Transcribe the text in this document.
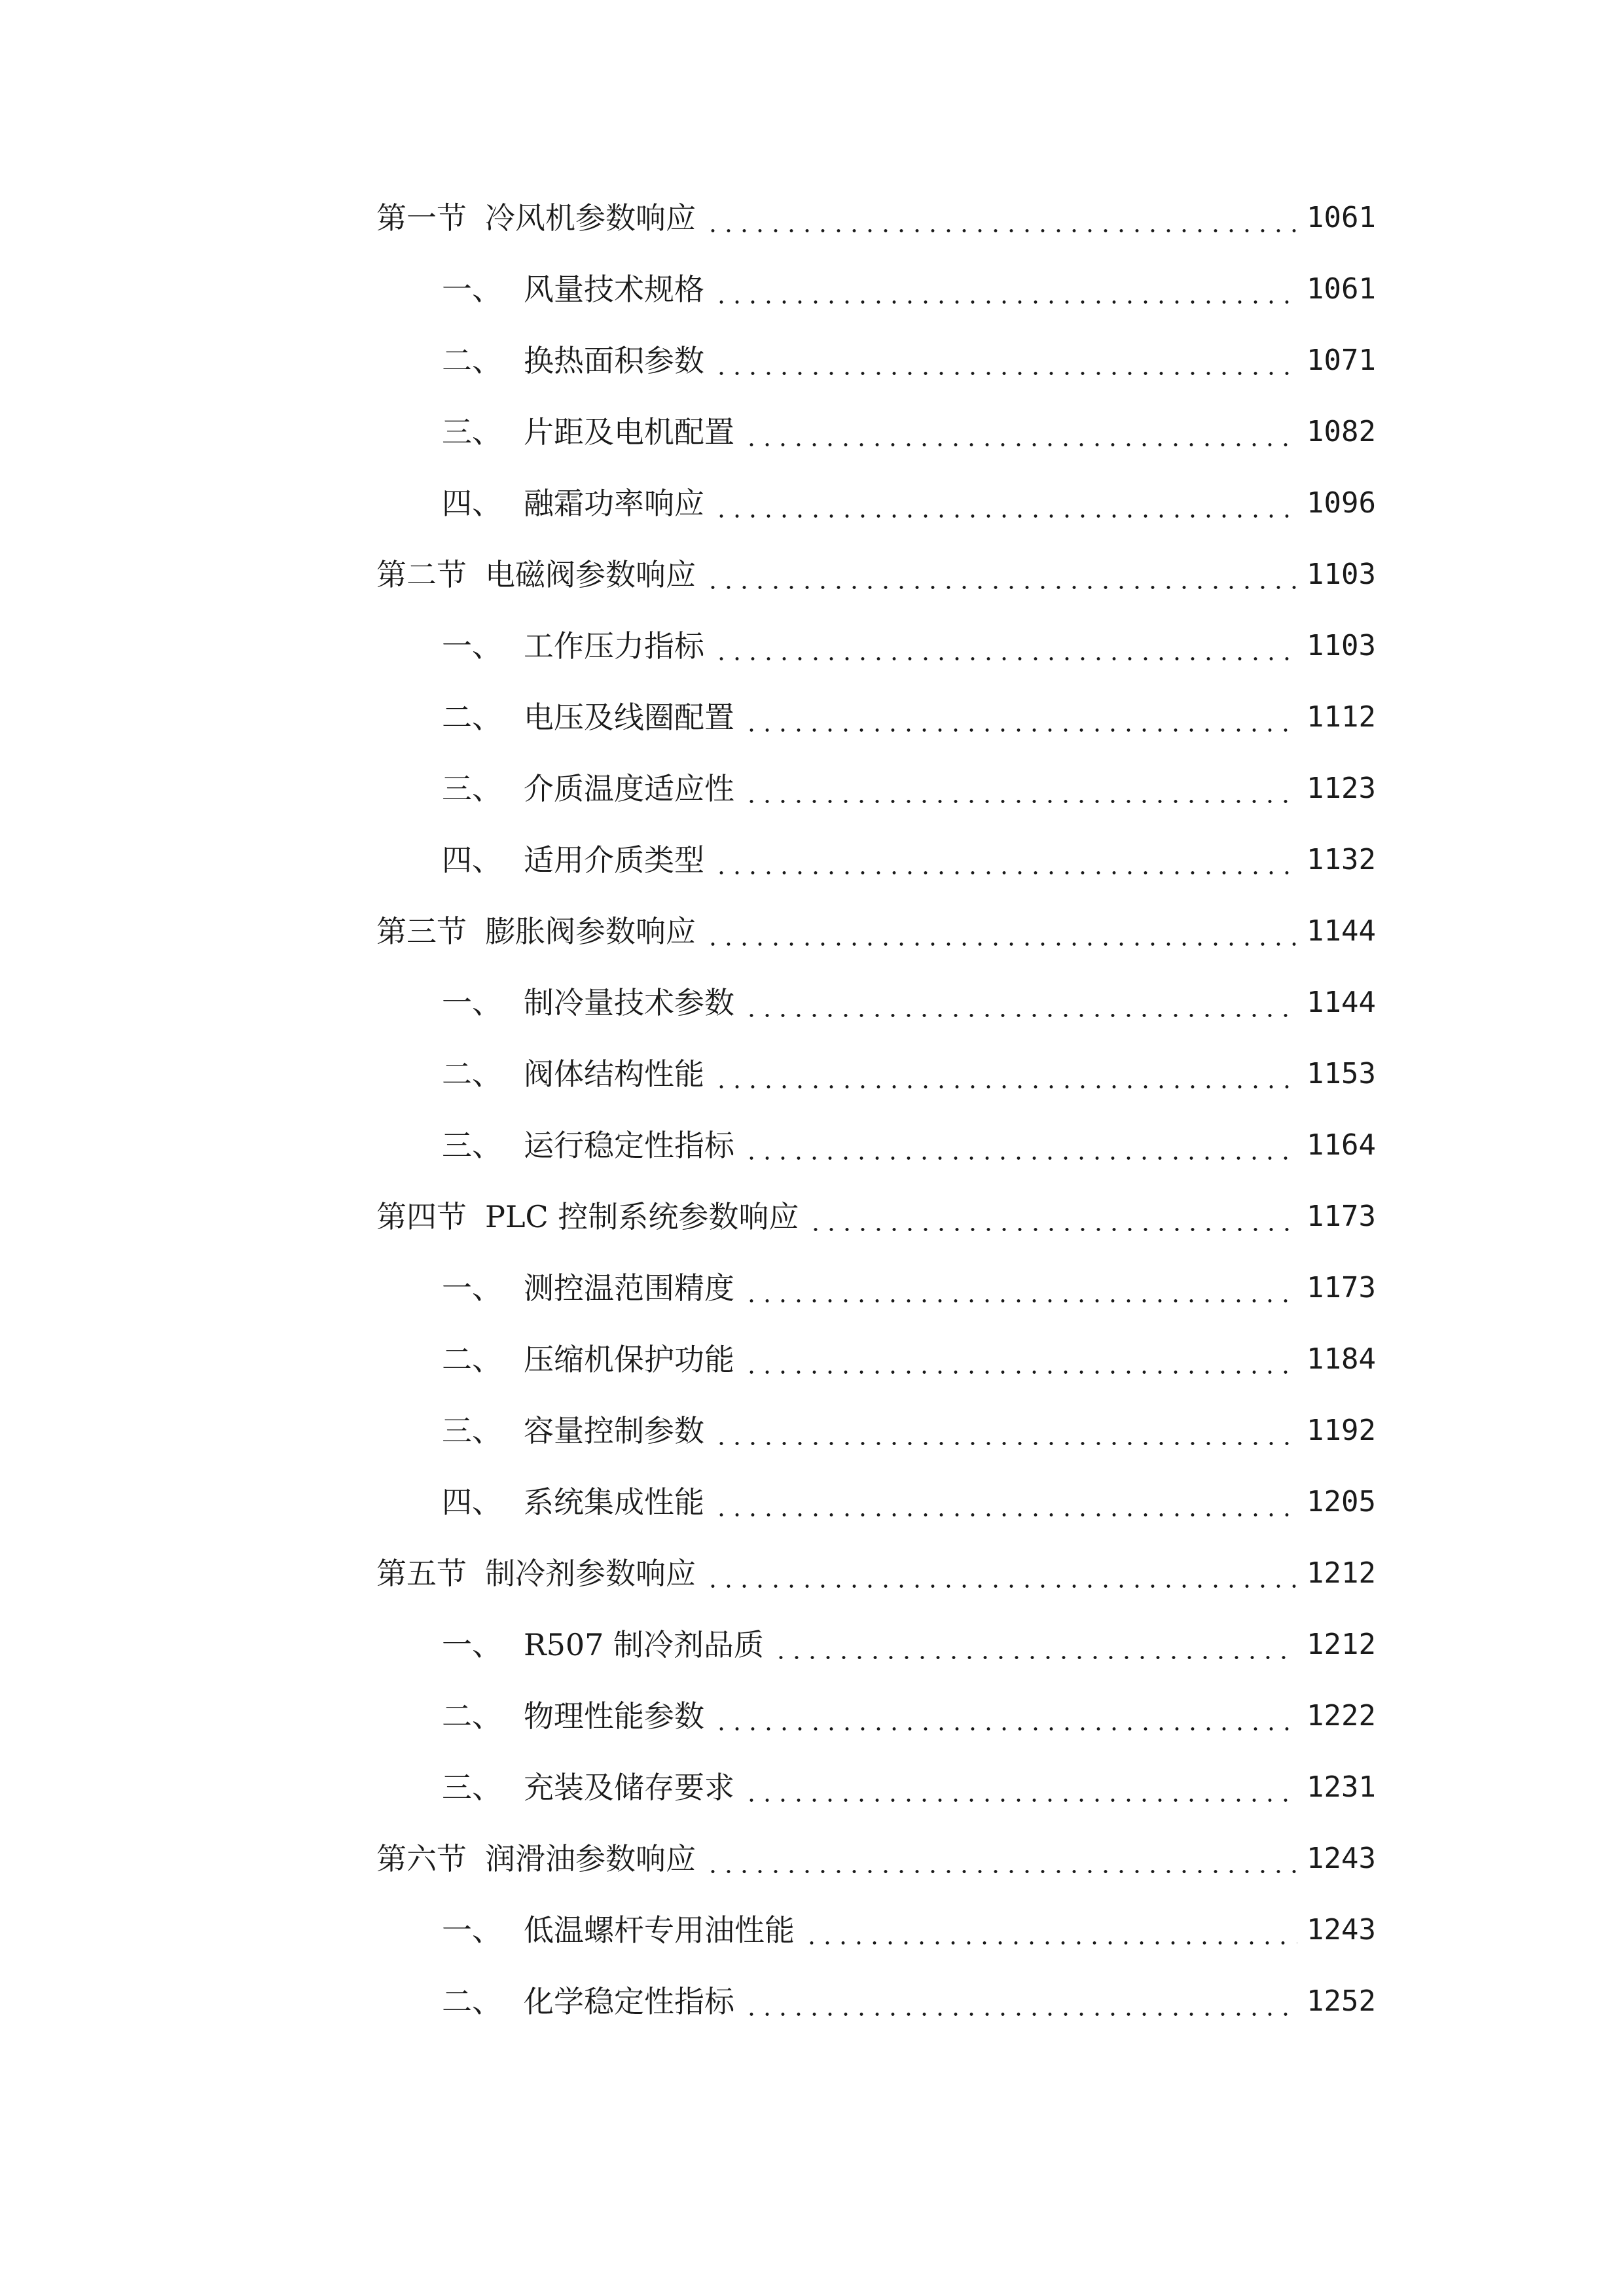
第一节 冷风机参数响应	1061
一、 风量技术规格	1061
二、 换热面积参数	1071
三、 片距及电机配置	1082
四、 融霜功率响应	1096
第二节 电磁阀参数响应	1103
一、 工作压力指标	1103
二、 电压及线圈配置	1112
三、 介质温度适应性	1123
四、 适用介质类型	1132
第三节 膨胀阀参数响应	1144
一、 制冷量技术参数	1144
二、 阀体结构性能	1153
三、 运行稳定性指标	1164
第四节 PLC 控制系统参数响应	1173
一、 测控温范围精度	1173
二、 压缩机保护功能	1184
三、 容量控制参数	1192
四、 系统集成性能	1205
第五节 制冷剂参数响应	1212
一、 R507 制冷剂品质	1212
二、 物理性能参数	1222
三、 充装及储存要求	1231
第六节 润滑油参数响应	1243
一、 低温螺杆专用油性能	1243
二、 化学稳定性指标	1252
